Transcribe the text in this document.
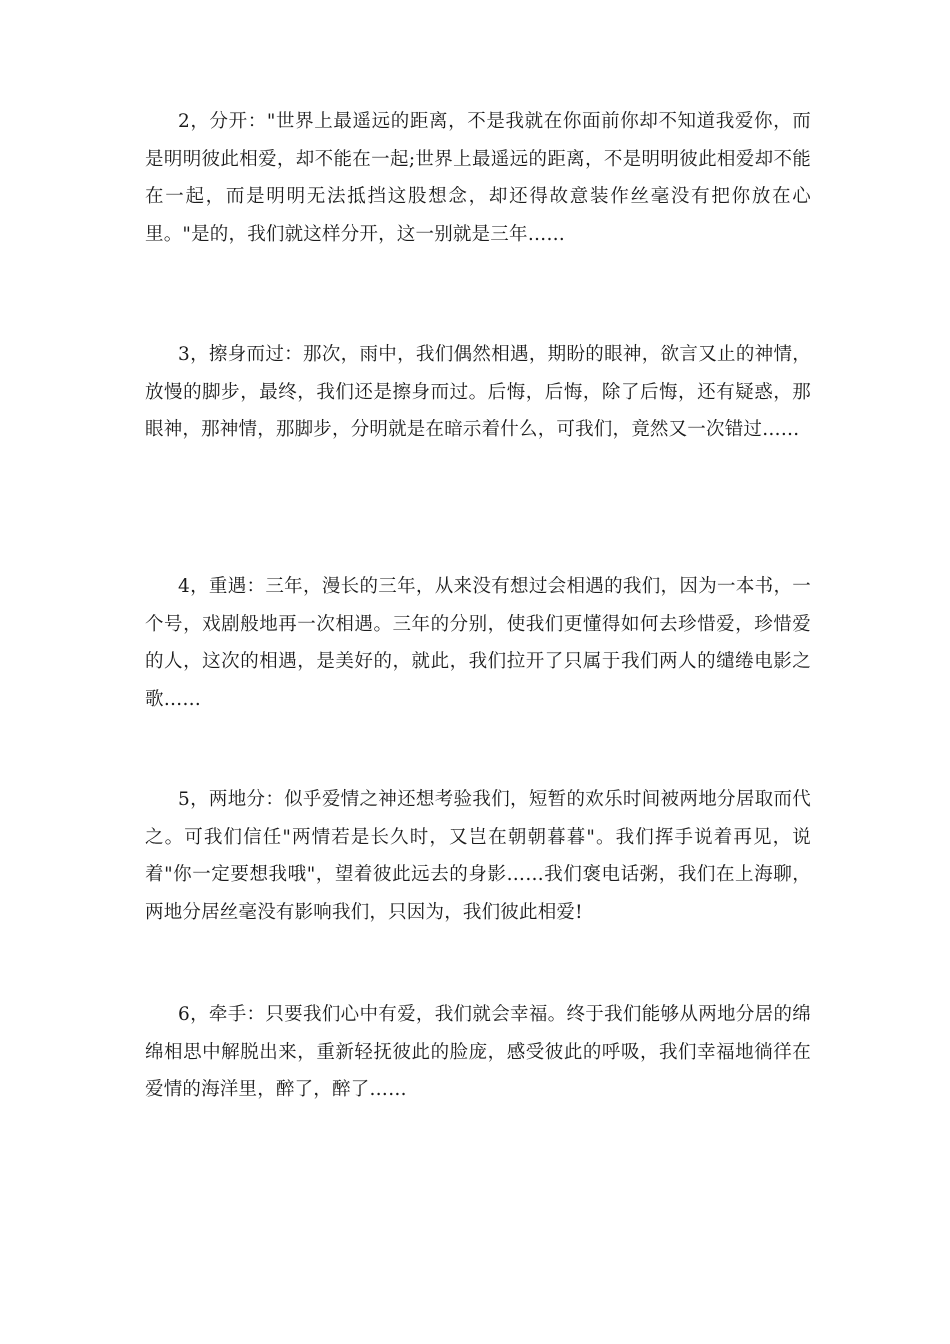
2，分开："世界上最遥远的距离，不是我就在你面前你却不知道我爱你，而是明明彼此相爱，却不能在一起;世界上最遥远的距离，不是明明彼此相爱却不能在一起，而是明明无法抵挡这股想念，却还得故意装作丝毫没有把你放在心里。"是的，我们就这样分开，这一别就是三年……

3，擦身而过：那次，雨中，我们偶然相遇，期盼的眼神，欲言又止的神情，放慢的脚步，最终，我们还是擦身而过。后悔，后悔，除了后悔，还有疑惑，那眼神，那神情，那脚步，分明就是在暗示着什么，可我们，竟然又一次错过……

4，重遇：三年，漫长的三年，从来没有想过会相遇的我们，因为一本书，一个号，戏剧般地再一次相遇。三年的分别，使我们更懂得如何去珍惜爱，珍惜爱的人，这次的相遇，是美好的，就此，我们拉开了只属于我们两人的缱绻电影之歌……

5，两地分：似乎爱情之神还想考验我们，短暂的欢乐时间被两地分居取而代之。可我们信任"两情若是长久时，又岂在朝朝暮暮"。我们挥手说着再见，说着"你一定要想我哦"，望着彼此远去的身影……我们褒电话粥，我们在上海聊，两地分居丝毫没有影响我们，只因为，我们彼此相爱!

6，牵手：只要我们心中有爱，我们就会幸福。终于我们能够从两地分居的绵绵相思中解脱出来，重新轻抚彼此的脸庞，感受彼此的呼吸，我们幸福地徜徉在爱情的海洋里，醉了，醉了……
